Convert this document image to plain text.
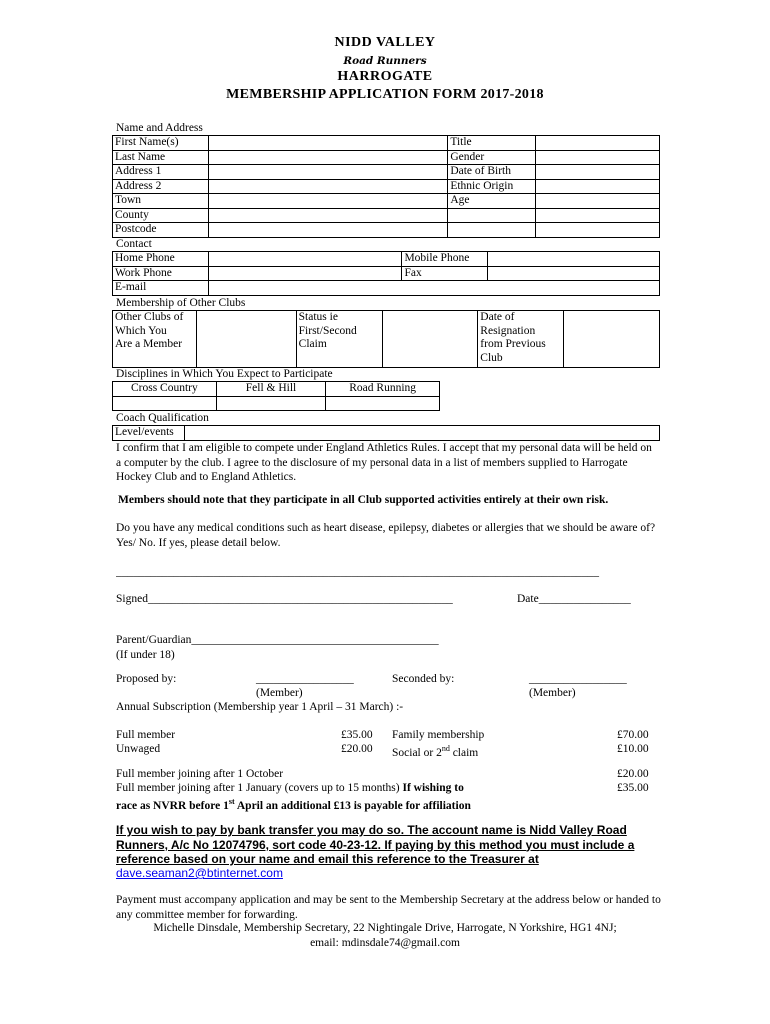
NIDD VALLEY
Road Runners
HARROGATE
MEMBERSHIP APPLICATION FORM 2017-2018
Name and Address
First Name(s)		Title	
Last Name		Gender	
Address 1		Date of Birth	
Address 2		Ethnic Origin	
Town		Age	
County			
Postcode			
Contact
Home Phone		Mobile Phone	
Work Phone		Fax	
E-mail			
Membership of Other Clubs
Other Clubs of
Which You
Are a Member

Status ie
First/Second
Claim

Date of
Resignation
from Previous
Club

Disciplines in Which You Expect to Participate
Cross Country	Fell & Hill	Road Running

Coach Qualification
Level/events	
I confirm that I am eligible to compete under England Athletics Rules. I accept that my personal data will be held on a computer by the club. I agree to the disclosure of my personal data in a list of members supplied to Harrogate Hockey Club and to England Athletics.
Members should note that they participate in all Club supported activities entirely at their own risk.
Do you have any medical conditions such as heart disease, epilepsy, diabetes or allergies that we should be aware of? Yes/ No. If yes, please detail below.
____________________________________________________________________________________
Signed_____________________________________________________	Date________________
Parent/Guardian___________________________________________
(If under 18)
Proposed by:	_________________	Seconded by:	_________________
(Member)	(Member)
Annual Subscription (Membership year 1 April – 31 March) :-
Full member	£35.00 Family membership	£70.00
Unwaged	£20.00 Social or 2nd claim	£10.00
Full member joining after 1 October	£20.00
Full member joining after 1 January (covers up to 15 months) If wishing to	£35.00
race as NVRR before 1st April an additional £13 is payable for affiliation
If you wish to pay by bank transfer you may do so. The account name is Nidd Valley Road Runners, A/c No 12074796, sort code 40-23-12. If paying by this method you must include a reference based on your name and email this reference to the Treasurer at
dave.seaman2@btinternet.com
Payment must accompany application and may be sent to the Membership Secretary at the address below or handed to any committee member for forwarding.
Michelle Dinsdale, Membership Secretary, 22 Nightingale Drive, Harrogate, N Yorkshire, HG1 4NJ;
email: mdinsdale74@gmail.com
